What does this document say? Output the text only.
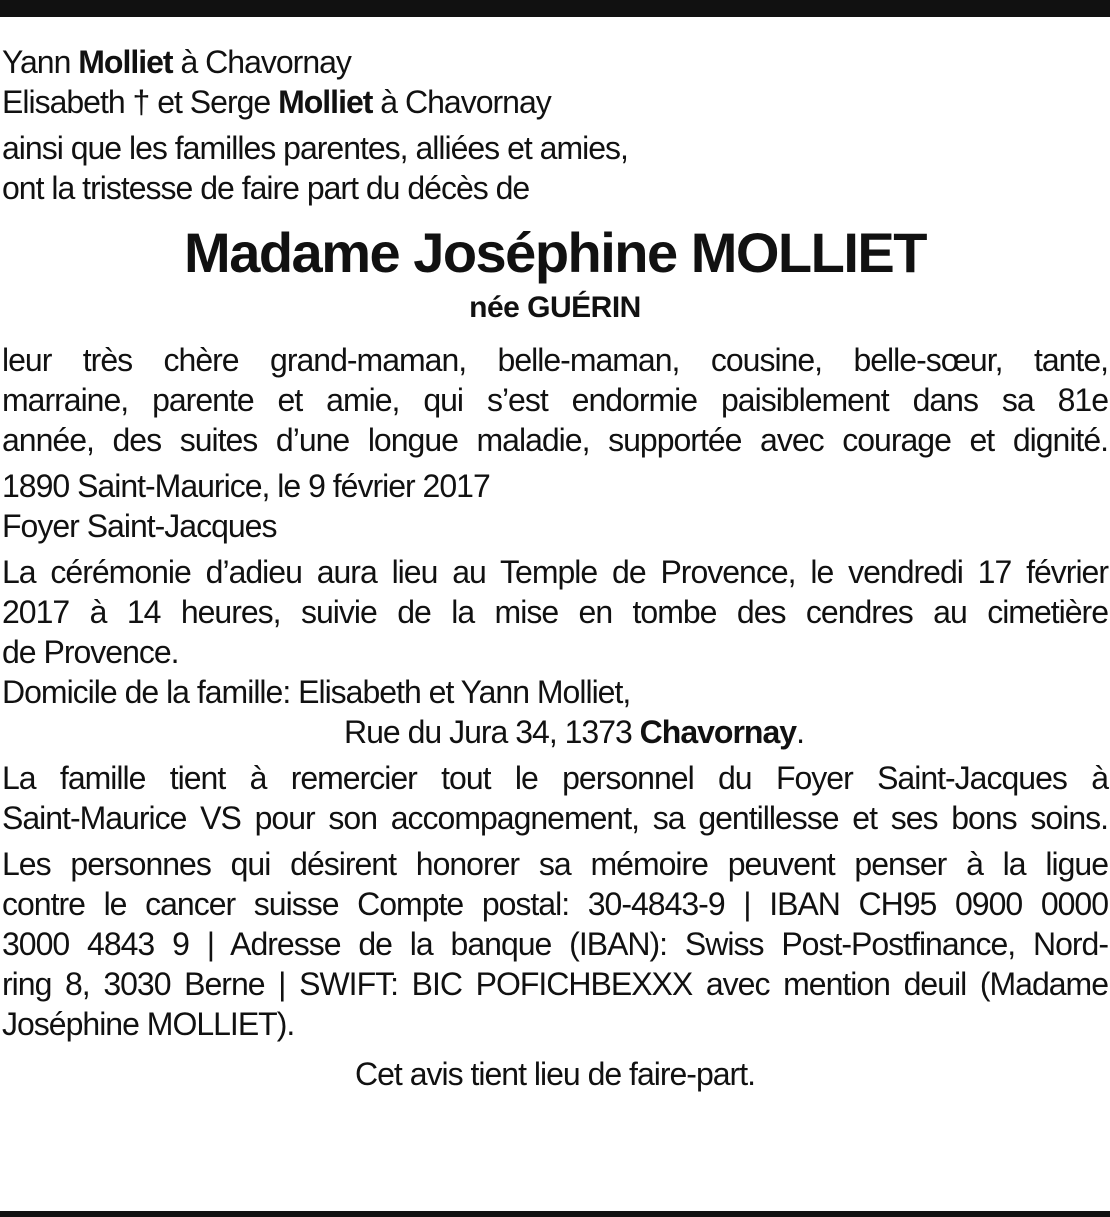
Yann Molliet à Chavornay
Elisabeth † et Serge Molliet à Chavornay
ainsi que les familles parentes, alliées et amies,
ont la tristesse de faire part du décès de
Madame Joséphine MOLLIET
née GUÉRIN
leur très chère grand-maman, belle-maman, cousine, belle-sœur, tante,
marraine, parente et amie, qui s’est endormie paisiblement dans sa 81e
année, des suites d’une longue maladie, supportée avec courage et dignité.
1890 Saint-Maurice, le 9 février 2017
Foyer Saint-Jacques
La cérémonie d’adieu aura lieu au Temple de Provence, le vendredi 17 février
2017 à 14 heures, suivie de la mise en tombe des cendres au cimetière
de Provence.
Domicile de la famille: Elisabeth et Yann Molliet,
Rue du Jura 34, 1373 Chavornay.
La famille tient à remercier tout le personnel du Foyer Saint-Jacques à
Saint-Maurice VS pour son accompagnement, sa gentillesse et ses bons soins.
Les personnes qui désirent honorer sa mémoire peuvent penser à la ligue
contre le cancer suisse Compte postal: 30-4843-9 | IBAN CH95 0900 0000
3000 4843 9 | Adresse de la banque (IBAN): Swiss Post-Postfinance, Nord-
ring 8, 3030 Berne | SWIFT: BIC POFICHBEXXX avec mention deuil (Madame
Joséphine MOLLIET).
Cet avis tient lieu de faire-part.
